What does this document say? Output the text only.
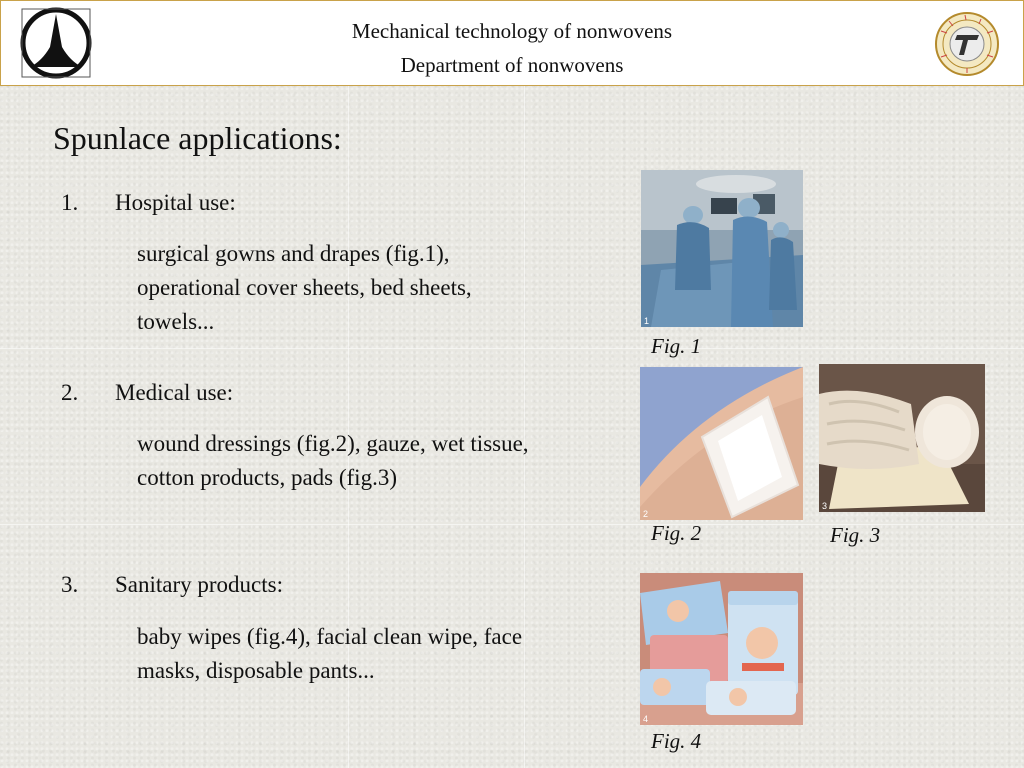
Mechanical technology of nonwovens
Department of nonwovens
Spunlace applications:
1. Hospital use:
surgical gowns and drapes (fig.1), operational cover sheets, bed sheets, towels...
2. Medical use:
wound dressings (fig.2), gauze, wet tissue, cotton products, pads (fig.3)
3. Sanitary products:
baby wipes (fig.4), facial clean wipe, face masks, disposable pants...
1
Fig. 1
2
Fig. 2
3
Fig. 3
4
Fig. 4
